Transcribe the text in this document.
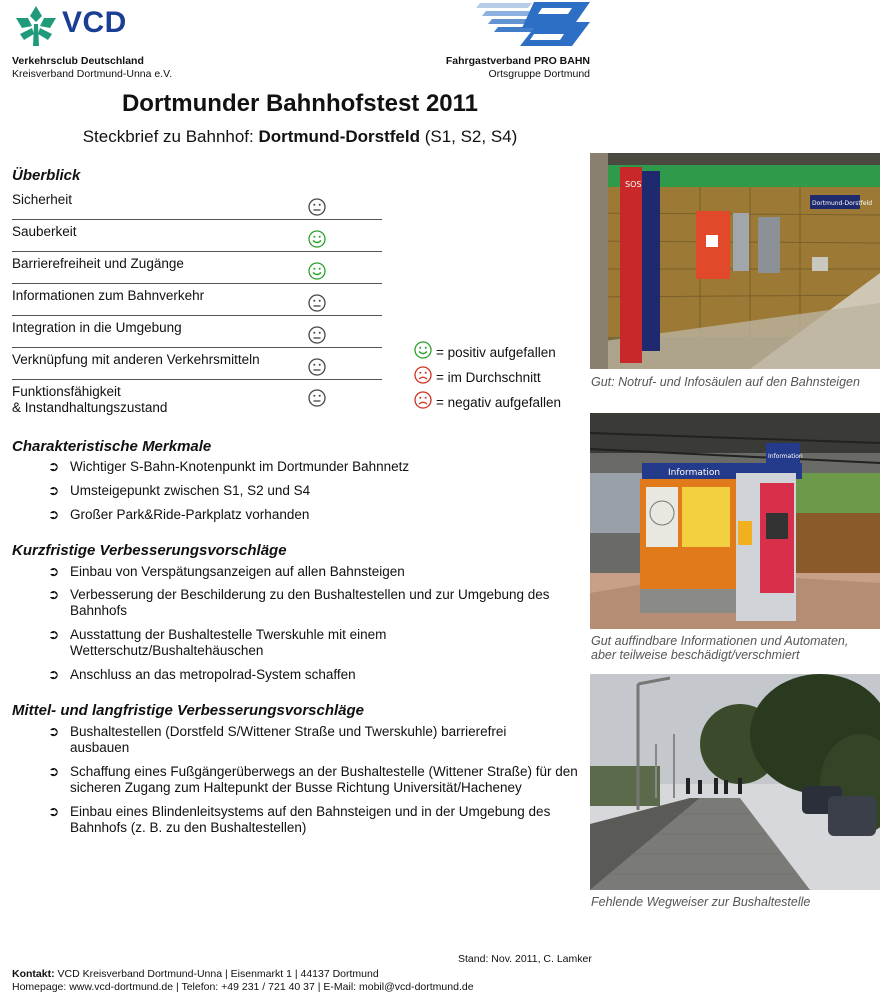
VCD
Verkehrsclub Deutschland
Kreisverband Dortmund-Unna e.V.
Fahrgastverband PRO BAHN
Ortsgruppe Dortmund
Dortmunder Bahnhofstest 2011
Steckbrief zu Bahnhof: Dortmund-Dorstfeld (S1, S2, S4)
Überblick
Sicherheit
Sauberkeit
Barrierefreiheit und Zugänge
Informationen zum Bahnverkehr
Integration in die Umgebung
Verknüpfung mit anderen Verkehrsmitteln
Funktionsfähigkeit
& Instandhaltungszustand
= positiv aufgefallen
= im Durchschnitt
= negativ aufgefallen
Charakteristische Merkmale
➲ Wichtiger S-Bahn-Knotenpunkt im Dortmunder Bahnnetz
➲ Umsteigepunkt zwischen S1, S2 und S4
➲ Großer Park&Ride-Parkplatz vorhanden
Kurzfristige Verbesserungsvorschläge
➲ Einbau von Verspätungsanzeigen auf allen Bahnsteigen
➲ Verbesserung der Beschilderung zu den Bushaltestellen und zur Umgebung des Bahnhofs
➲ Ausstattung der Bushaltestelle Twerskuhle mit einem Wetterschutz/Bushaltehäuschen
➲ Anschluss an das metropolrad-System schaffen
Mittel- und langfristige Verbesserungsvorschläge
➲ Bushaltestellen (Dorstfeld S/Wittener Straße und Twerskuhle) barrierefrei ausbauen
➲ Schaffung eines Fußgängerüberwegs an der Bushaltestelle (Wittener Straße) für den sicheren Zugang zum Haltepunkt der Busse Richtung Universität/Hacheney
➲ Einbau eines Blindenleitsystems auf den Bahnsteigen und in der Umgebung des Bahnhofs (z. B. zu den Bushaltestellen)
SOS
Dortmund-Dorstfeld
Gut: Notruf- und Infosäulen auf den Bahnsteigen
Information
Information
Gut auffindbare Informationen und Automaten,
aber teilweise beschädigt/verschmiert
Fehlende Wegweiser zur Bushaltestelle
Stand: Nov. 2011, C. Lamker
Kontakt: VCD Kreisverband Dortmund-Unna | Eisenmarkt 1 | 44137 Dortmund
Homepage: www.vcd-dortmund.de | Telefon: +49 231 / 721 40 37 | E-Mail: mobil@vcd-dortmund.de
